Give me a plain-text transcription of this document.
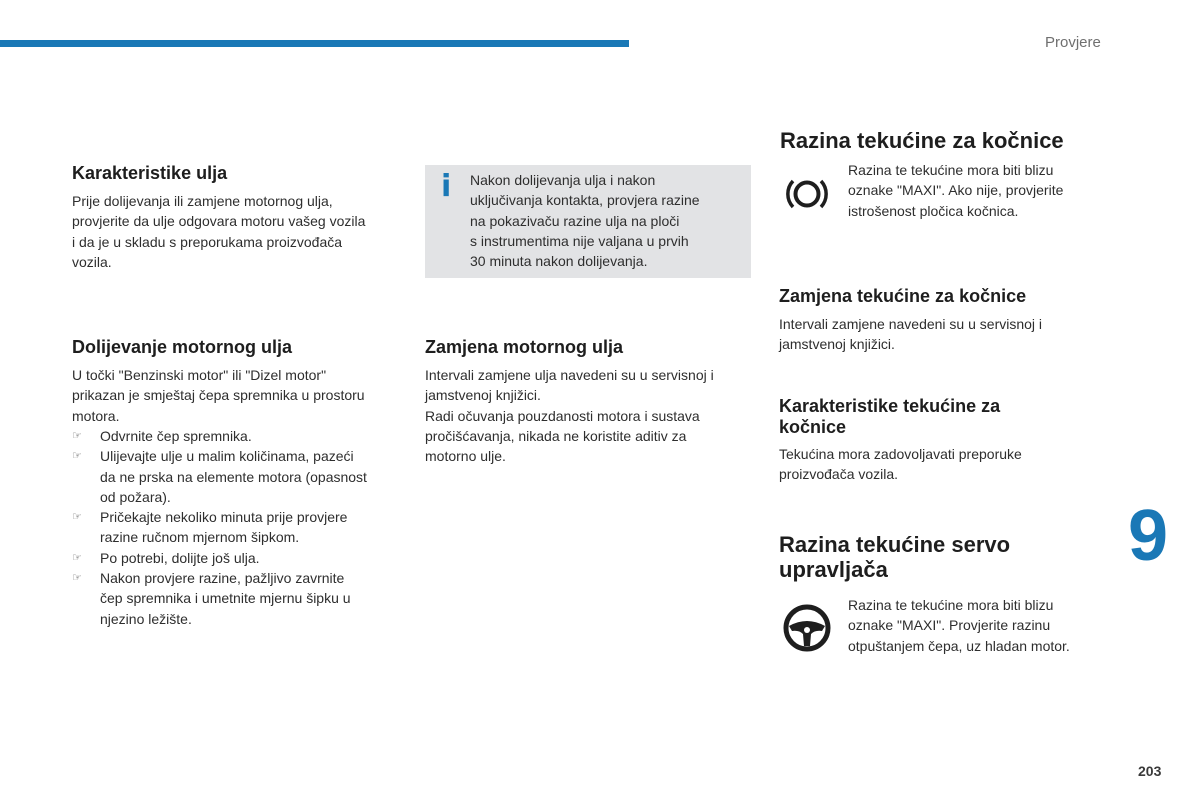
Provjere
9
203
Karakteristike ulja
Prije dolijevanja ili zamjene motornog ulja,
provjerite da ulje odgovara motoru vašeg vozila
i da je u skladu s preporukama proizvođača
vozila.
Dolijevanje motornog ulja
U točki "Benzinski motor" ili "Dizel motor"
prikazan je smještaj čepa spremnika u prostoru
motora.
☞ Odvrnite čep spremnika.
☞ Ulijevajte ulje u malim količinama, pazeći
da ne prska na elemente motora (opasnost
od požara).
☞ Pričekajte nekoliko minuta prije provjere
razine ručnom mjernom šipkom.
☞ Po potrebi, dolijte još ulja.
☞ Nakon provjere razine, pažljivo zavrnite
čep spremnika i umetnite mjernu šipku u
njezino ležište.
i Nakon dolijevanja ulja i nakon
uključivanja kontakta, provjera razine
na pokazivaču razine ulja na ploči
s instrumentima nije valjana u prvih
30 minuta nakon dolijevanja.
Zamjena motornog ulja
Intervali zamjene ulja navedeni su u servisnoj i
jamstvenoj knjižici.
Radi očuvanja pouzdanosti motora i sustava
pročišćavanja, nikada ne koristite aditiv za
motorno ulje.
Razina tekućine za kočnice
Razina te tekućine mora biti blizu
oznake "MAXI". Ako nije, provjerite
istrošenost pločica kočnica.
Zamjena tekućine za kočnice
Intervali zamjene navedeni su u servisnoj i
jamstvenoj knjižici.
Karakteristike tekućine za
kočnice
Tekućina mora zadovoljavati preporuke
proizvođača vozila.
Razina tekućine servo
upravljača
Razina te tekućine mora biti blizu
oznake "MAXI". Provjerite razinu
otpuštanjem čepa, uz hladan motor.
